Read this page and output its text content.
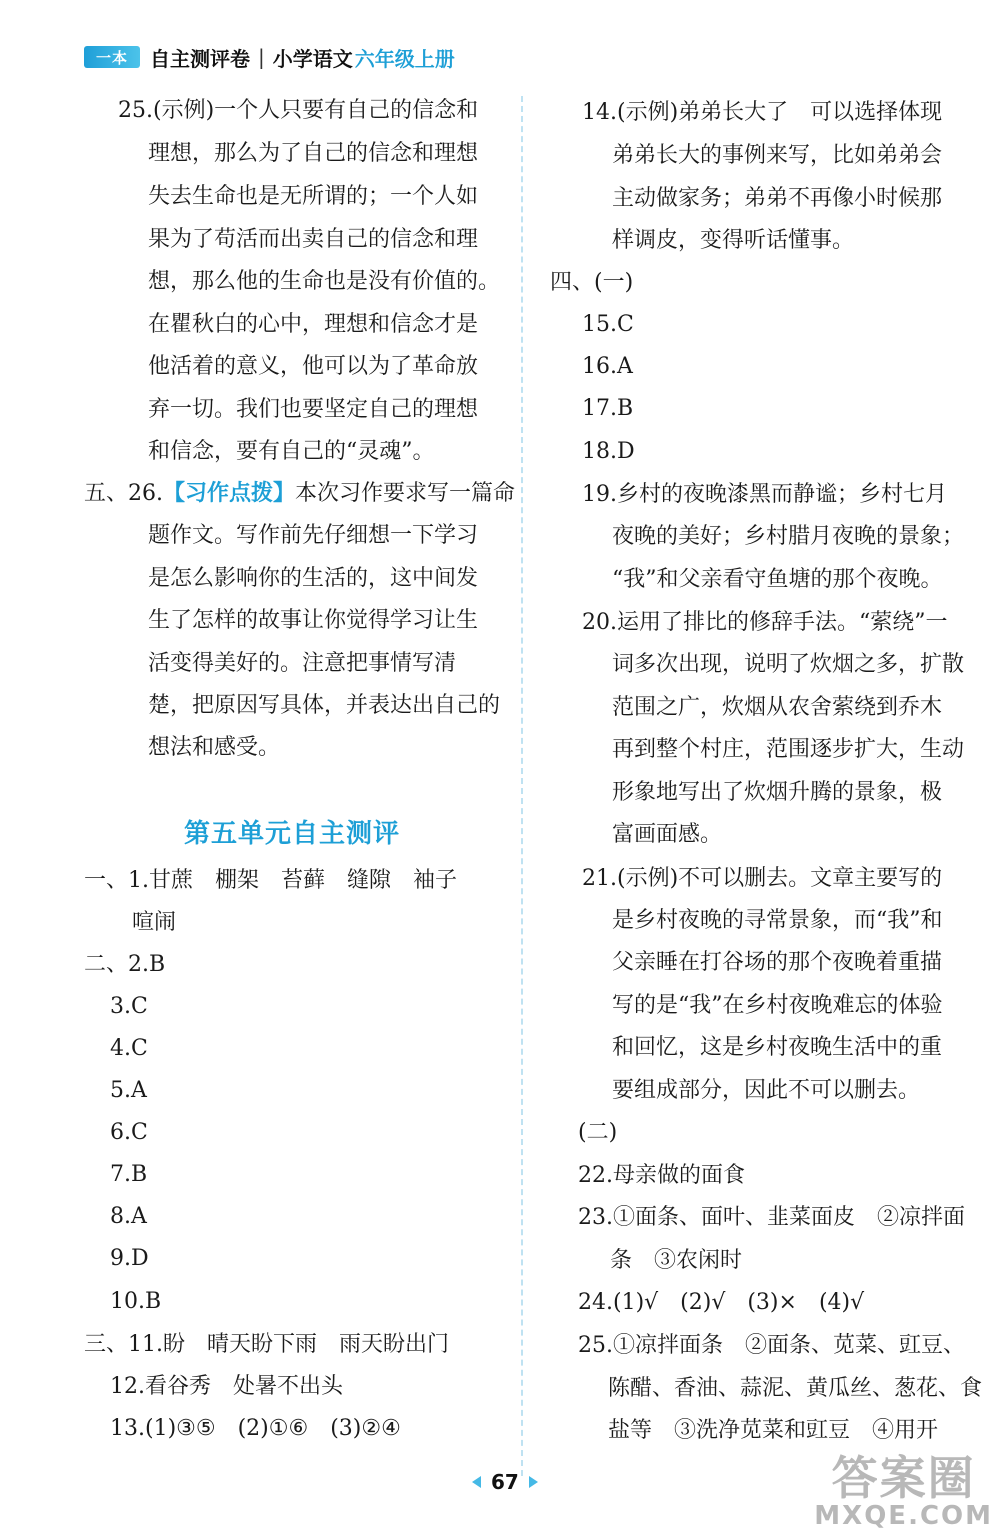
一本	自主测评卷 | 小学语文 六年级上册
25.(示例)一个人只要有自己的信念和
理想，那么为了自己的信念和理想
失去生命也是无所谓的；一个人如
果为了苟活而出卖自己的信念和理
想，那么他的生命也是没有价值的。
在瞿秋白的心中，理想和信念才是
他活着的意义，他可以为了革命放
弃一切。我们也要坚定自己的理想
和信念，要有自己的“灵魂”。
五、26.【习作点拨】本次习作要求写一篇命
题作文。写作前先仔细想一下学习
是怎么影响你的生活的，这中间发
生了怎样的故事让你觉得学习让生
活变得美好的。注意把事情写清
楚，把原因写具体，并表达出自己的
想法和感受。
第五单元自主测评
一、1.甘蔗　棚架　苔藓　缝隙　袖子
喧闹
二、2.B
3.C
4.C
5.A
6.C
7.B
8.A
9.D
10.B
三、11.盼　晴天盼下雨　雨天盼出门
12.看谷秀　处暑不出头
13.(1)③⑤　(2)①⑥　(3)②④
14.(示例)弟弟长大了　可以选择体现
弟弟长大的事例来写，比如弟弟会
主动做家务；弟弟不再像小时候那
样调皮，变得听话懂事。
四、(一)
15.C
16.A
17.B
18.D
19.乡村的夜晚漆黑而静谧；乡村七月
夜晚的美好；乡村腊月夜晚的景象；
“我”和父亲看守鱼塘的那个夜晚。
20.运用了排比的修辞手法。“萦绕”一
词多次出现，说明了炊烟之多，扩散
范围之广，炊烟从农舍萦绕到乔木
再到整个村庄，范围逐步扩大，生动
形象地写出了炊烟升腾的景象，极
富画面感。
21.(示例)不可以删去。文章主要写的
是乡村夜晚的寻常景象，而“我”和
父亲睡在打谷场的那个夜晚着重描
写的是“我”在乡村夜晚难忘的体验
和回忆，这是乡村夜晚生活中的重
要组成部分，因此不可以删去。
(二)
22.母亲做的面食
23.①面条、面叶、韭菜面皮　②凉拌面
条　③农闲时
24.(1)√　(2)√　(3)×　(4)√
25.①凉拌面条　②面条、苋菜、豇豆、
陈醋、香油、蒜泥、黄瓜丝、葱花、食
盐等　③洗净苋菜和豇豆　④用开
67	答案圈
MXQE.COM
